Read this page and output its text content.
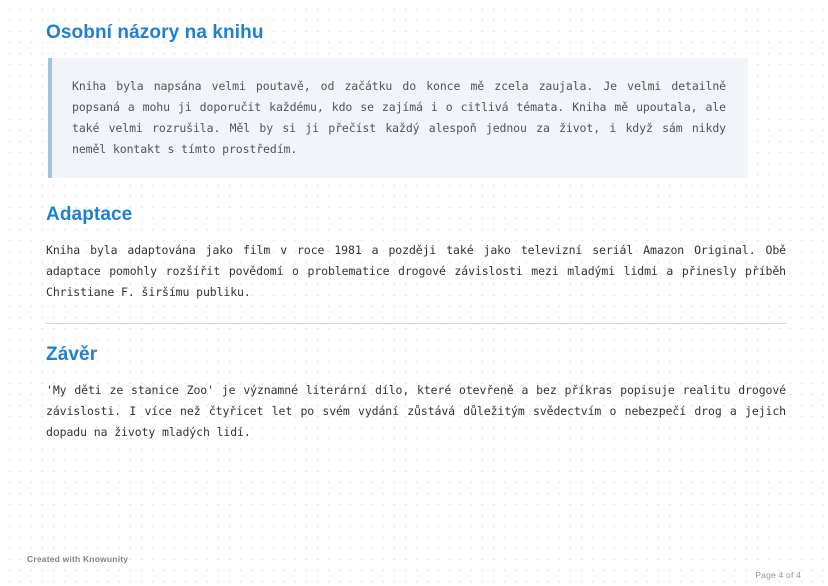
Osobní názory na knihu

Kniha byla napsána velmi poutavě, od začátku do konce mě zcela zaujala. Je velmi detailně popsaná a mohu ji doporučit každému, kdo se zajímá i o citlivá témata. Kniha mě upoutala, ale také velmi rozrušila. Měl by si ji přečíst každý alespoň jednou za život, i když sám nikdy neměl kontakt s tímto prostředím.

Adaptace

Kniha byla adaptována jako film v roce 1981 a později také jako televizní seriál Amazon Original. Obě adaptace pomohly rozšířit povědomí o problematice drogové závislosti mezi mladými lidmi a přinesly příběh Christiane F. širšímu publiku.

Závěr

'My děti ze stanice Zoo' je významné literární dílo, které otevřeně a bez příkras popisuje realitu drogové závislosti. I více než čtyřicet let po svém vydání zůstává důležitým svědectvím o nebezpečí drog a jejich dopadu na životy mladých lidí.

Created with Knowunity
Page 4 of 4
